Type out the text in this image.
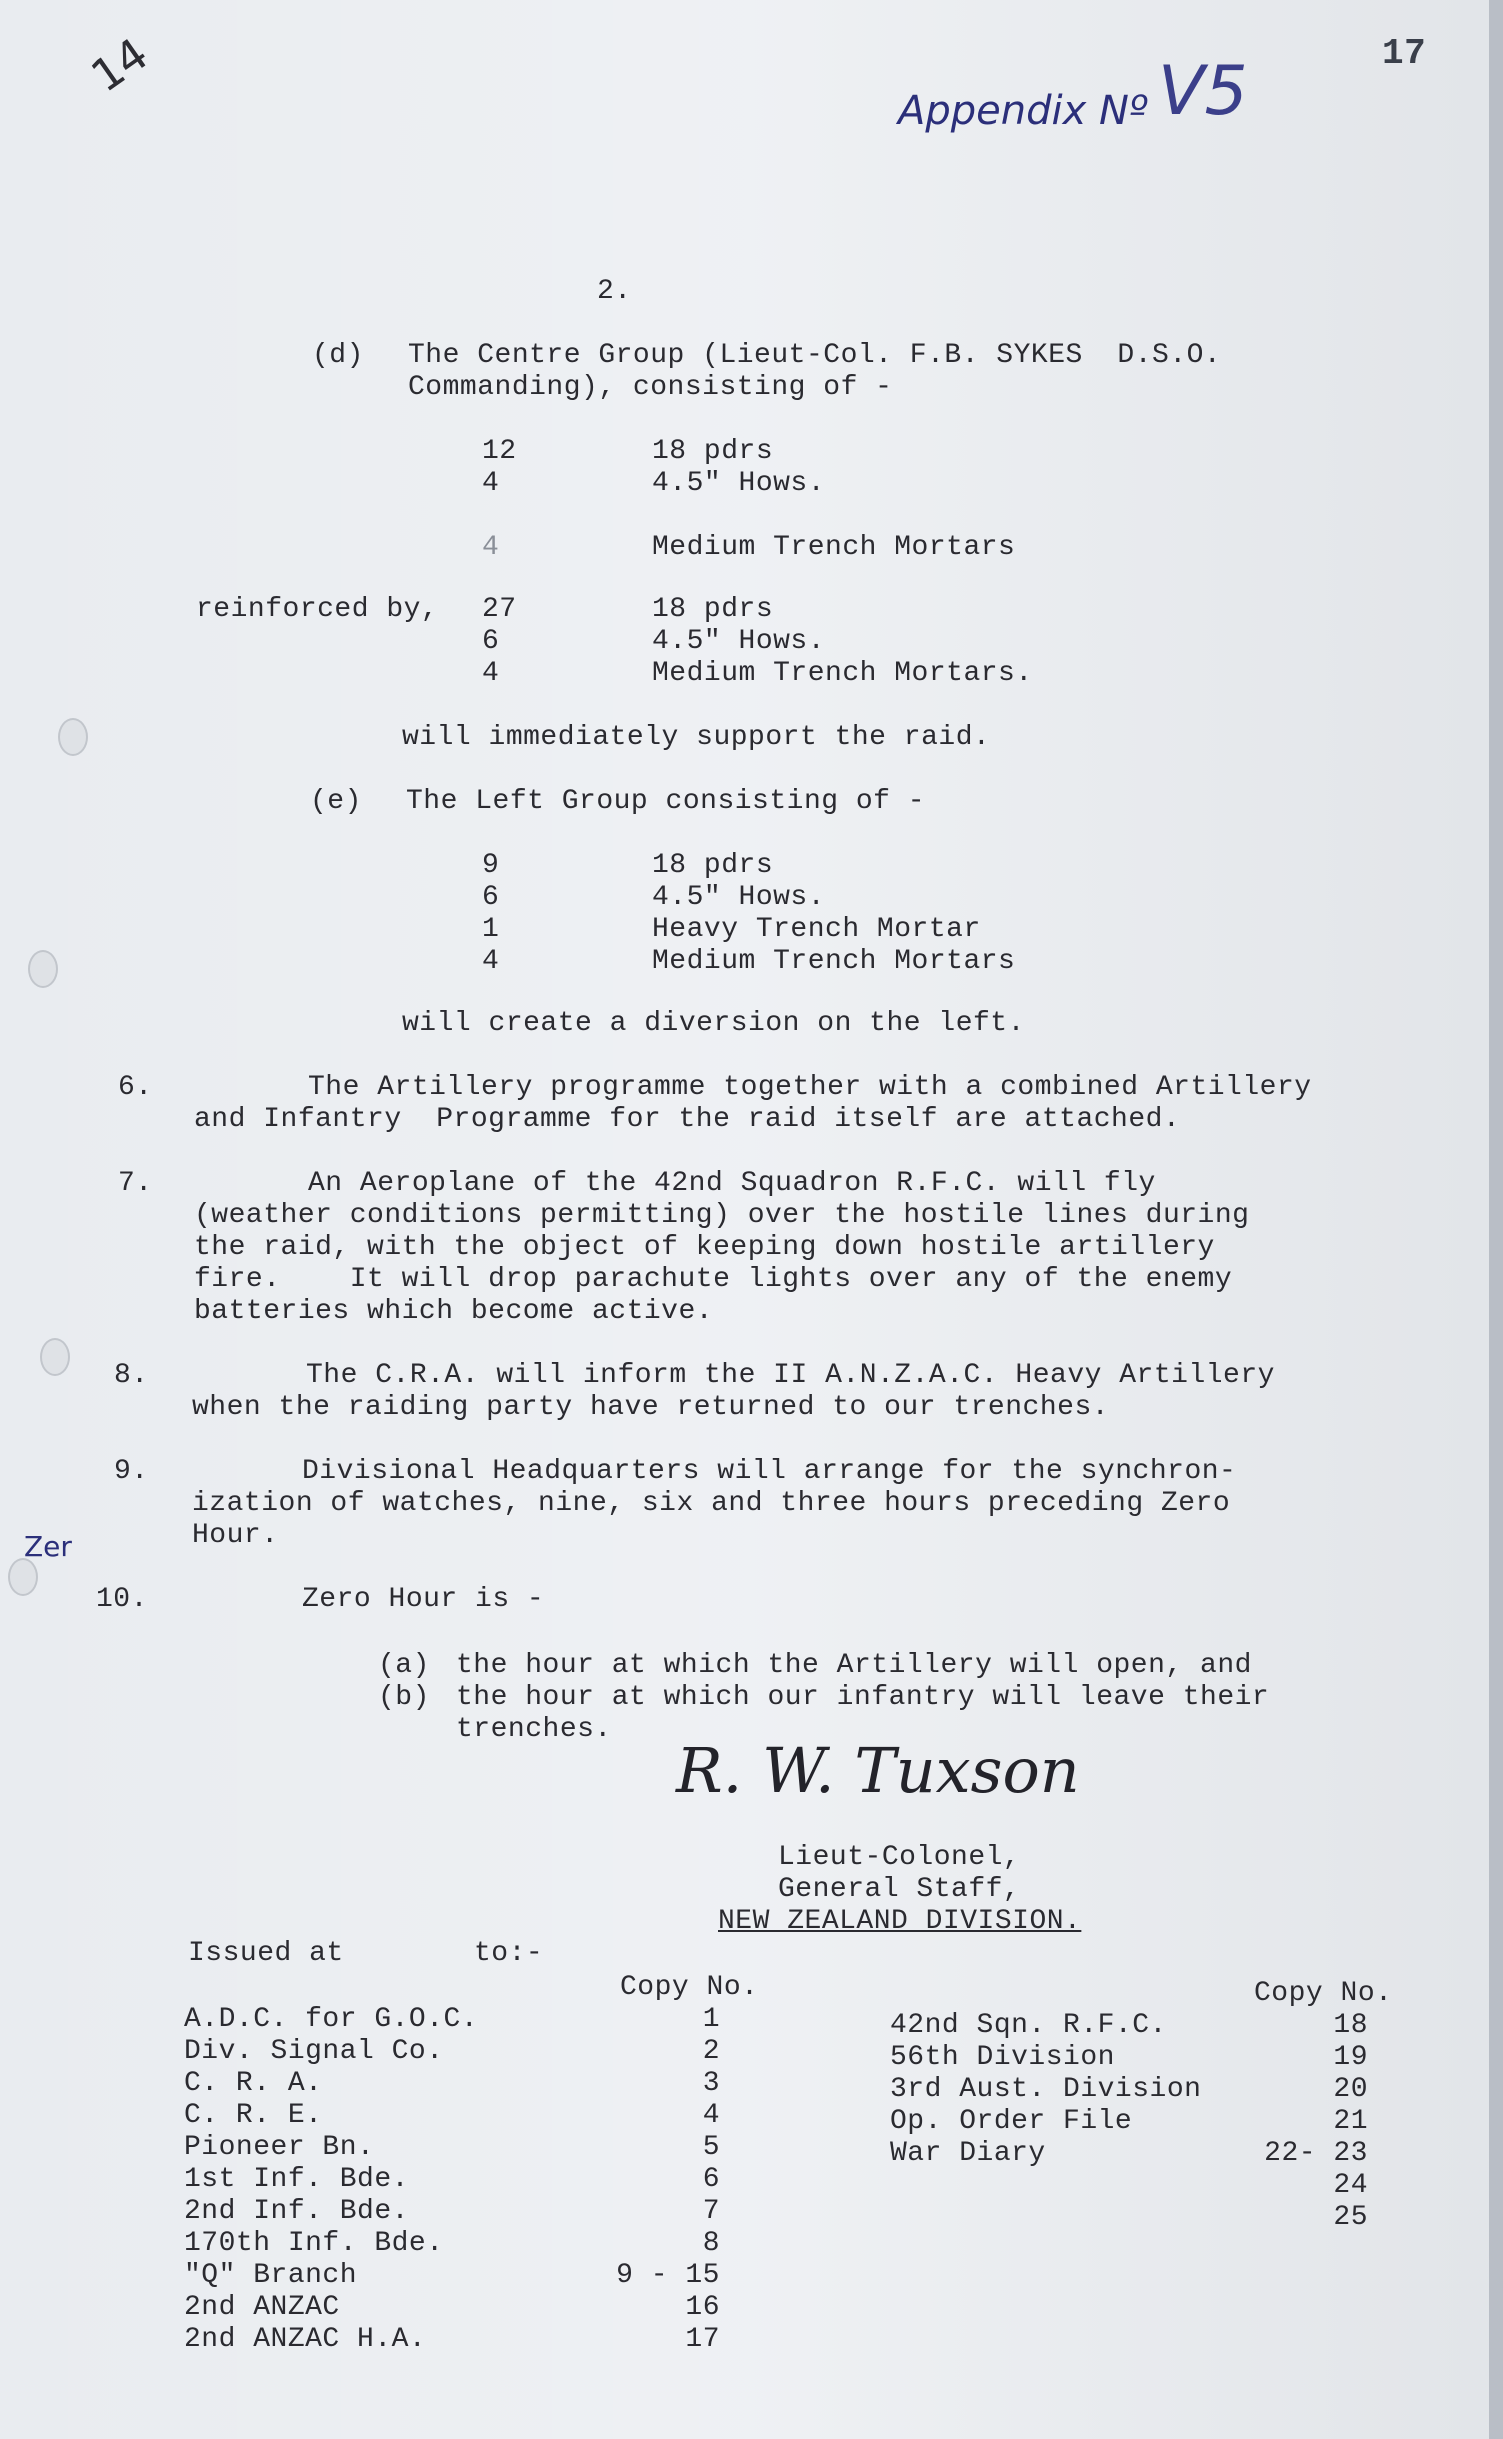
14	17
Appendix Nº V5
2.
(d) The Centre Group (Lieut-Col. F.B. SYKES  D.S.O.
Commanding), consisting of -
12	18 pdrs
4	4.5" Hows.
4	Medium Trench Mortars
reinforced by, 27	18 pdrs
6	4.5" Hows.
4	Medium Trench Mortars.
will immediately support the raid.
(e) The Left Group consisting of -
9	18 pdrs
6	4.5" Hows.
1	Heavy Trench Mortar
4	Medium Trench Mortars
will create a diversion on the left.
6.	The Artillery programme together with a combined Artillery
and Infantry  Programme for the raid itself are attached.
7.	An Aeroplane of the 42nd Squadron R.F.C. will fly
(weather conditions permitting) over the hostile lines during
the raid, with the object of keeping down hostile artillery
fire.    It will drop parachute lights over any of the enemy
batteries which become active.
8.	The C.R.A. will inform the II A.N.Z.A.C. Heavy Artillery
when the raiding party have returned to our trenches.
9.	Divisional Headquarters will arrange for the synchron-
ization of watches, nine, six and three hours preceding Zero
Hour.
Zer
10.	Zero Hour is -
(a) the hour at which the Artillery will open, and
(b) the hour at which our infantry will leave their
trenches.
R. W. Tuxson
Lieut-Colonel,
General Staff,
NEW ZEALAND DIVISION.
Issued at	to:-
Copy No.	Copy No.
A.D.C. for G.O.C.	1
Div. Signal Co.	2
C. R. A.	3
C. R. E.	4
Pioneer Bn.	5
1st Inf. Bde.	6
2nd Inf. Bde.	7
170th Inf. Bde.	8
"Q" Branch	9 - 15
2nd ANZAC	16
2nd ANZAC H.A.	17
42nd Sqn. R.F.C.	18
56th Division	19
3rd Aust. Division	20
Op. Order File	21
War Diary	22- 23
24
25
